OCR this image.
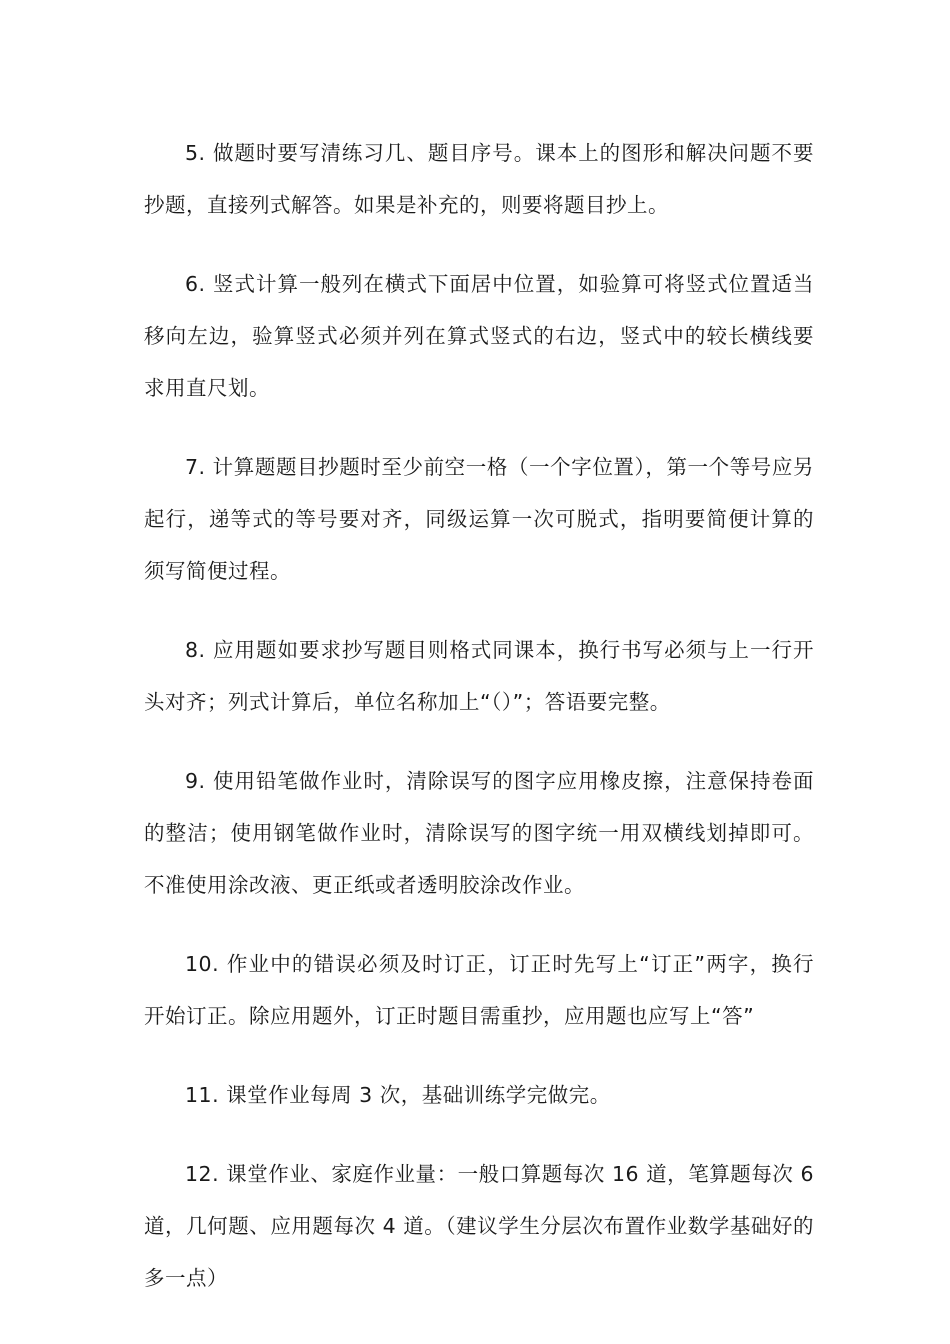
5. 做题时要写清练习几、题目序号。课本上的图形和解决问题不要抄题，直接列式解答。如果是补充的，则要将题目抄上。

6. 竖式计算一般列在横式下面居中位置，如验算可将竖式位置适当移向左边，验算竖式必须并列在算式竖式的右边，竖式中的较长横线要求用直尺划。

7. 计算题题目抄题时至少前空一格（一个字位置），第一个等号应另起行，递等式的等号要对齐，同级运算一次可脱式，指明要简便计算的须写简便过程。

8. 应用题如要求抄写题目则格式同课本，换行书写必须与上一行开头对齐；列式计算后，单位名称加上“（）”；答语要完整。

9. 使用铅笔做作业时，清除误写的图字应用橡皮擦，注意保持卷面的整洁；使用钢笔做作业时，清除误写的图字统一用双横线划掉即可。不准使用涂改液、更正纸或者透明胶涂改作业。

10. 作业中的错误必须及时订正，订正时先写上“订正”两字，换行开始订正。除应用题外，订正时题目需重抄，应用题也应写上“答”

11. 课堂作业每周 3 次，基础训练学完做完。

12. 课堂作业、家庭作业量：一般口算题每次 16 道，笔算题每次 6 道，几何题、应用题每次 4 道。（建议学生分层次布置作业数学基础好的多一点）
